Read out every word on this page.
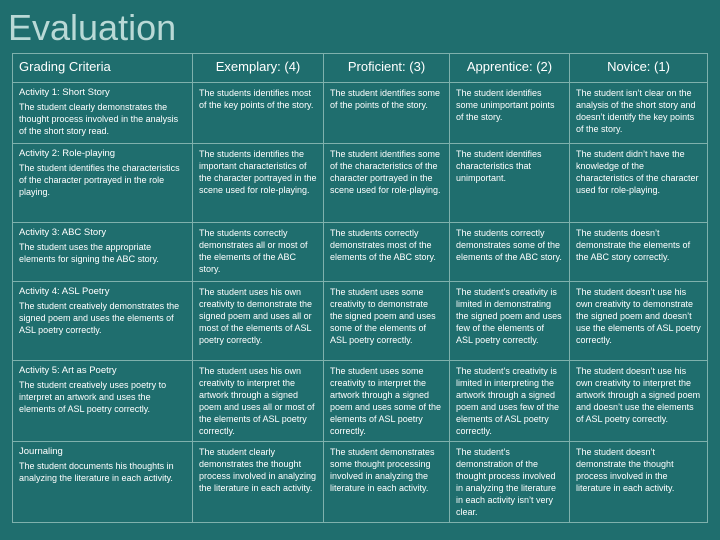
Evaluation
Grading Criteria	Exemplary: (4)	Proficient: (3)	Apprentice: (2)	Novice: (1)

Activity 1: Short Story
The student clearly demonstrates the thought process involved in the analysis of the short story read.	The students identifies most of the key points of the story.	The student identifies some of the points of the story.	The student identifies some unimportant points of the story.	The student isn’t clear on the analysis of the short story and doesn’t identify the key points of the story.

Activity 2: Role-playing
The student identifies the characteristics of the character portrayed in the role playing.	The students identifies the important characteristics of the character portrayed in the scene used for role-playing.	The student identifies some of the characteristics of the character portrayed in the scene used for role-playing.	The student identifies characteristics that unimportant.	The student didn’t have the knowledge of the characteristics of the character used for role-playing.

Activity 3: ABC Story
The student uses the appropriate elements for signing the ABC story.	The students correctly demonstrates all or most of the elements of the ABC story.	The students correctly demonstrates most of the elements of the ABC story.	The students correctly demonstrates some of the elements of the ABC story.	The students doesn’t demonstrate the elements of the ABC story correctly.

Activity 4: ASL Poetry
The student creatively demonstrates the signed poem and uses the elements of ASL poetry correctly.	The student uses his own creativity to demonstrate the signed poem and uses all or most of the elements of ASL poetry correctly.	The student uses some creativity to demonstrate the signed poem and uses some of the elements of ASL poetry correctly.	The student’s creativity is limited in demonstrating the signed poem and uses few of the elements of ASL poetry correctly.	The student doesn’t use his own creativity to demonstrate the signed poem and doesn’t use the elements of ASL poetry correctly.

Activity 5: Art as Poetry
The student creatively uses poetry to interpret an artwork and uses the elements of ASL poetry correctly.	The student uses his own creativity to interpret the artwork through a signed poem and uses all or most of the elements of ASL poetry correctly.	The student uses some creativity to interpret the artwork through a signed poem and uses some of the elements of ASL poetry correctly.	The student’s creativity is limited in interpreting the artwork through a signed poem and uses few of the elements of ASL poetry correctly.	The student doesn’t use his own creativity to interpret the artwork through a signed poem and doesn’t use the elements of ASL poetry correctly.

Journaling
The student documents his thoughts in analyzing the literature in each activity.	The student clearly demonstrates the thought process involved in analyzing the literature in each activity.	The student demonstrates some thought processing involved in analyzing the literature in each activity.	The student’s demonstration of the thought process involved in analyzing the literature in each activity isn’t very clear.	The student doesn’t demonstrate the thought process involved in the literature in each activity.
